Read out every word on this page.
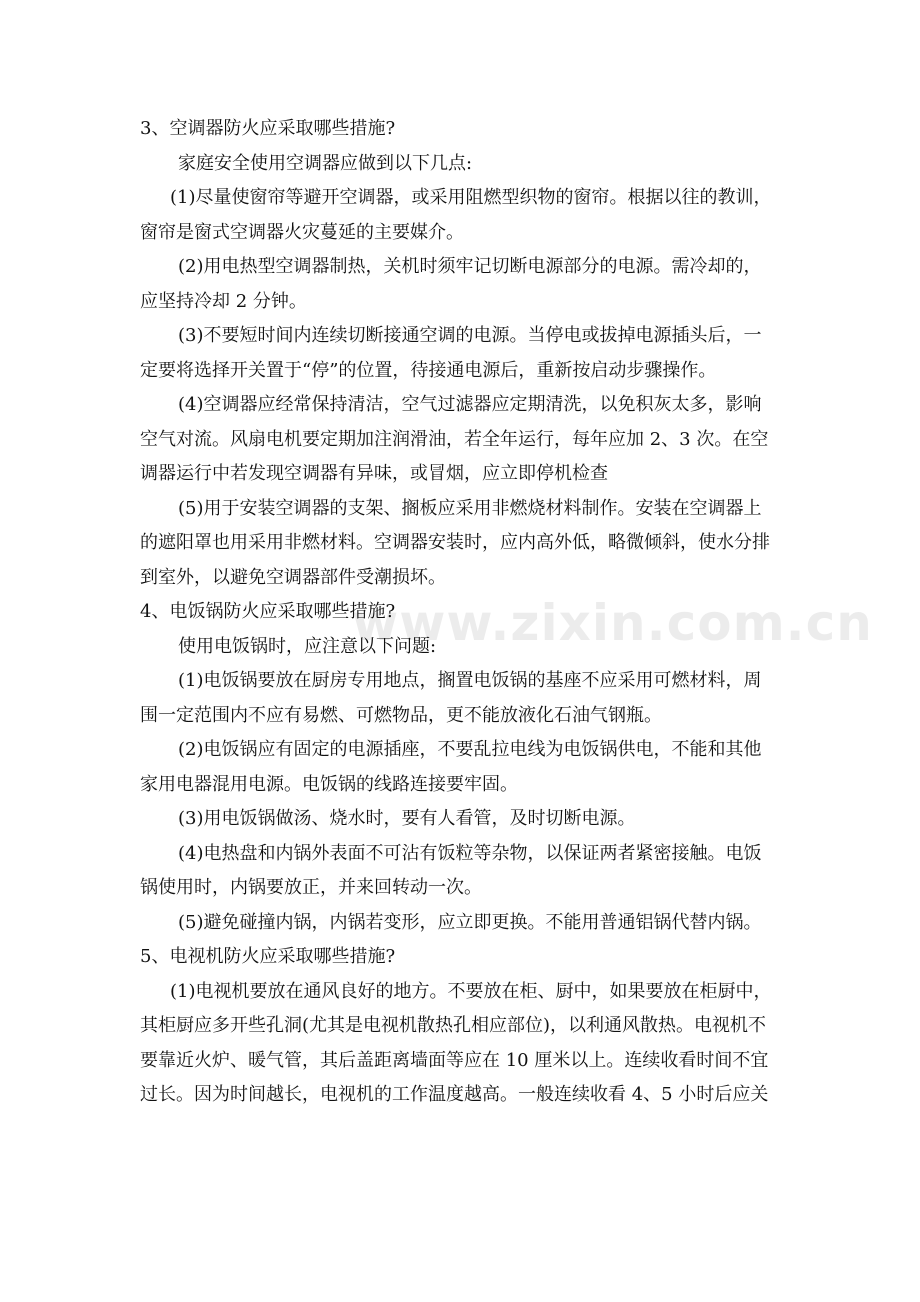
3、空调器防火应采取哪些措施?

家庭安全使用空调器应做到以下几点:

(1)尽量使窗帘等避开空调器，或采用阻燃型织物的窗帘。根据以往的教训，

窗帘是窗式空调器火灾蔓延的主要媒介。

(2)用电热型空调器制热，关机时须牢记切断电源部分的电源。需冷却的，

应坚持冷却 2 分钟。

(3)不要短时间内连续切断接通空调的电源。当停电或拔掉电源插头后，一

定要将选择开关置于“停”的位置，待接通电源后，重新按启动步骤操作。

(4)空调器应经常保持清洁，空气过滤器应定期清洗，以免积灰太多，影响

空气对流。风扇电机要定期加注润滑油，若全年运行，每年应加 2、3 次。在空

调器运行中若发现空调器有异味，或冒烟，应立即停机检查

(5)用于安装空调器的支架、搁板应采用非燃烧材料制作。安装在空调器上

的遮阳罩也用采用非燃材料。空调器安装时，应内高外低，略微倾斜，使水分排

到室外，以避免空调器部件受潮损坏。

4、电饭锅防火应采取哪些措施?

使用电饭锅时，应注意以下问题:

(1)电饭锅要放在厨房专用地点，搁置电饭锅的基座不应采用可燃材料，周

围一定范围内不应有易燃、可燃物品，更不能放液化石油气钢瓶。

(2)电饭锅应有固定的电源插座，不要乱拉电线为电饭锅供电，不能和其他

家用电器混用电源。电饭锅的线路连接要牢固。

(3)用电饭锅做汤、烧水时，要有人看管，及时切断电源。

(4)电热盘和内锅外表面不可沾有饭粒等杂物，以保证两者紧密接触。电饭

锅使用时，内锅要放正，并来回转动一次。

(5)避免碰撞内锅，内锅若变形，应立即更换。不能用普通铝锅代替内锅。

5、电视机防火应采取哪些措施?

(1)电视机要放在通风良好的地方。不要放在柜、厨中，如果要放在柜厨中，

其柜厨应多开些孔洞(尤其是电视机散热孔相应部位)，以利通风散热。电视机不

要靠近火炉、暖气管，其后盖距离墙面等应在 10 厘米以上。连续收看时间不宜

过长。因为时间越长，电视机的工作温度越高。一般连续收看 4、5 小时后应关

www.zixin.com.cn
